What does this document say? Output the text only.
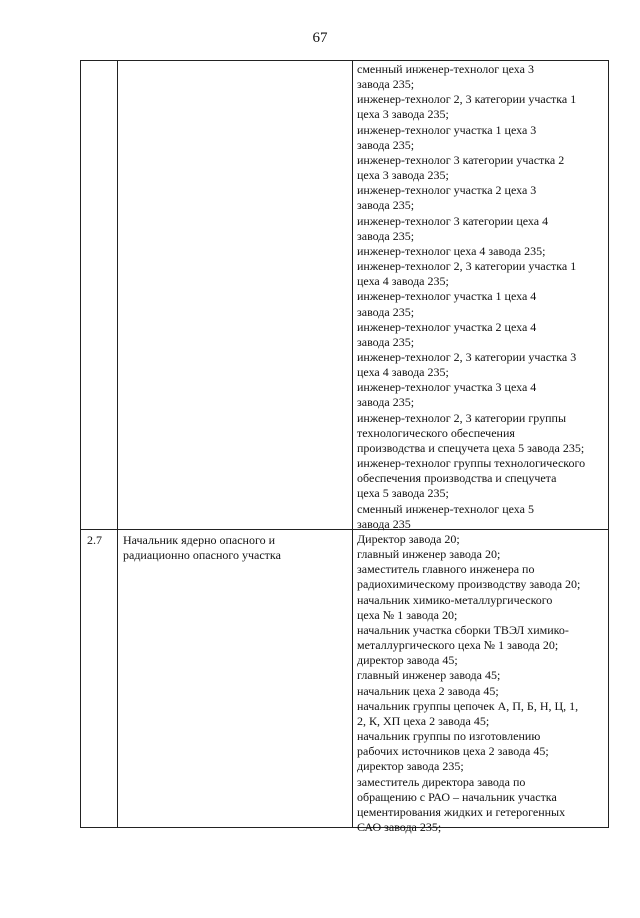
67
сменный инженер-технолог цеха 3
завода 235;
инженер-технолог 2, 3 категории участка 1
цеха 3 завода 235;
инженер-технолог участка 1 цеха 3
завода 235;
инженер-технолог 3 категории участка 2
цеха 3 завода 235;
инженер-технолог участка 2 цеха 3
завода 235;
инженер-технолог 3 категории цеха 4
завода 235;
инженер-технолог цеха 4 завода 235;
инженер-технолог 2, 3 категории участка 1
цеха 4 завода 235;
инженер-технолог участка 1 цеха 4
завода 235;
инженер-технолог участка 2 цеха 4
завода 235;
инженер-технолог 2, 3 категории участка 3
цеха 4 завода 235;
инженер-технолог участка 3 цеха 4
завода 235;
инженер-технолог 2, 3 категории группы
технологического обеспечения
производства и спецучета цеха 5 завода 235;
инженер-технолог группы технологического
обеспечения производства и спецучета
цеха 5 завода 235;
сменный инженер-технолог цеха 5
завода 235
2.7	Начальник ядерно опасного и
радиационно опасного участка
Директор завода 20;
главный инженер завода 20;
заместитель главного инженера по
радиохимическому производству завода 20;
начальник химико-металлургического
цеха № 1 завода 20;
начальник участка сборки ТВЭЛ химико-
металлургического цеха № 1 завода 20;
директор завода 45;
главный инженер завода 45;
начальник цеха 2 завода 45;
начальник группы цепочек А, П, Б, Н, Ц, 1,
2, К, ХП цеха 2 завода 45;
начальник группы по изготовлению
рабочих источников цеха 2 завода 45;
директор завода 235;
заместитель директора завода по
обращению с РАО – начальник участка
цементирования жидких и гетерогенных
САО завода 235;
